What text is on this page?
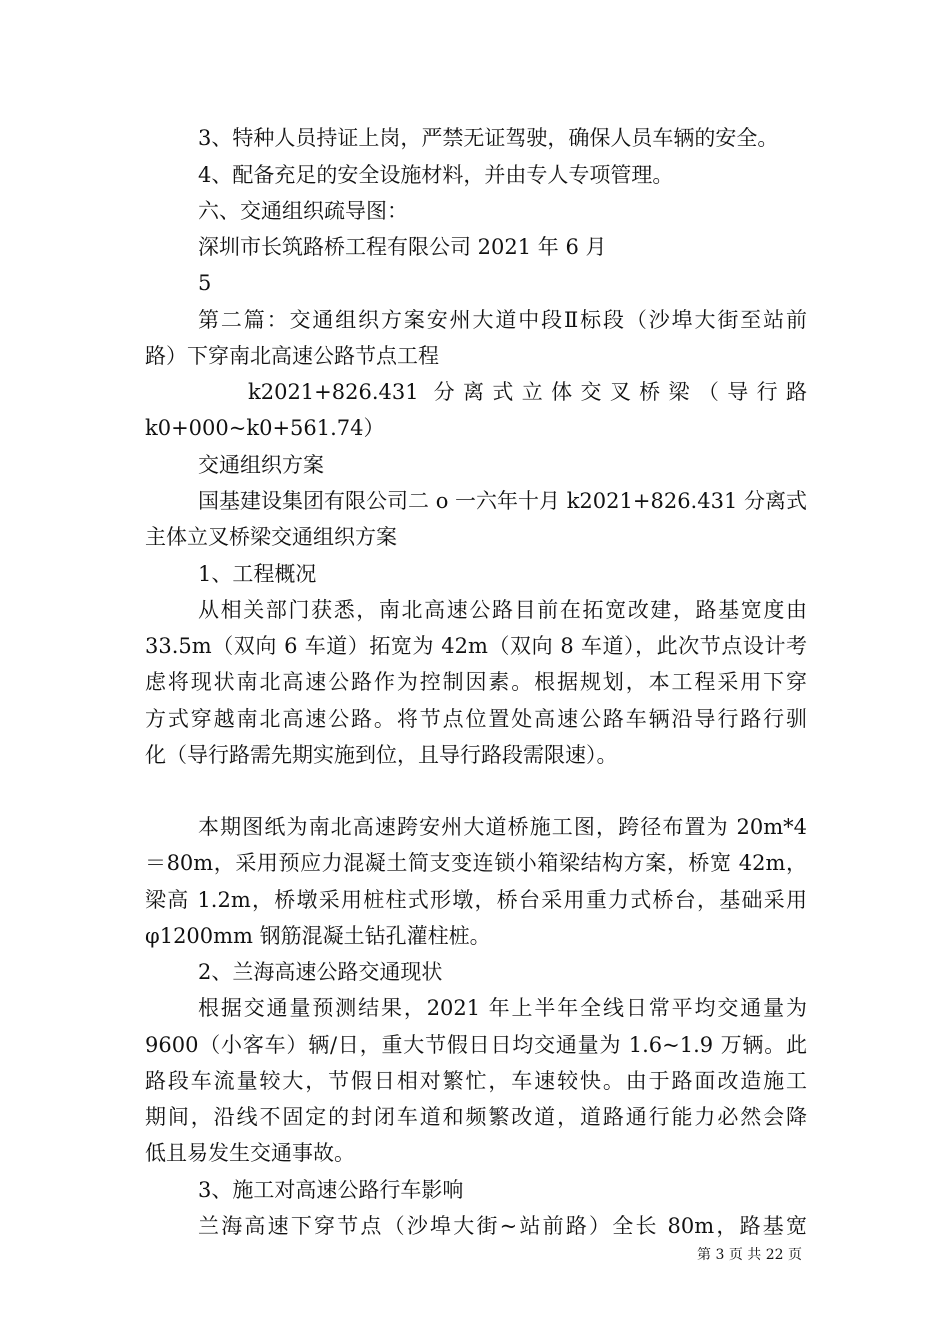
3、特种人员持证上岗，严禁无证驾驶，确保人员车辆的安全。
4、配备充足的安全设施材料，并由专人专项管理。
六、交通组织疏导图：
深圳市长筑路桥工程有限公司 2021 年 6 月
5
第二篇：交通组织方案安州大道中段Ⅱ标段（沙埠大街至站前
路）下穿南北高速公路节点工程
k2021+826.431 分离式立体交叉桥梁（导行路
k0+000~k0+561.74）
交通组织方案
国基建设集团有限公司二 o 一六年十月 k2021+826.431 分离式
主体立叉桥梁交通组织方案
1、工程概况
从相关部门获悉，南北高速公路目前在拓宽改建，路基宽度由
33.5m（双向 6 车道）拓宽为 42m（双向 8 车道），此次节点设计考
虑将现状南北高速公路作为控制因素。根据规划，本工程采用下穿
方式穿越南北高速公路。将节点位置处高速公路车辆沿导行路行驯
化（导行路需先期实施到位，且导行路段需限速）。
本期图纸为南北高速跨安州大道桥施工图，跨径布置为 20m*4
＝80m，采用预应力混凝土简支变连锁小箱梁结构方案，桥宽 42m，
梁高 1.2m，桥墩采用桩柱式形墩，桥台采用重力式桥台，基础采用
φ1200mm 钢筋混凝土钻孔灌柱桩。
2、兰海高速公路交通现状
根据交通量预测结果，2021 年上半年全线日常平均交通量为
9600（小客车）辆/日，重大节假日日均交通量为 1.6~1.9 万辆。此
路段车流量较大，节假日相对繁忙，车速较快。由于路面改造施工
期间，沿线不固定的封闭车道和频繁改道，道路通行能力必然会降
低且易发生交通事故。
3、施工对高速公路行车影响
兰海高速下穿节点（沙埠大街~站前路）全长 80m，路基宽
第 3 页 共 22 页
